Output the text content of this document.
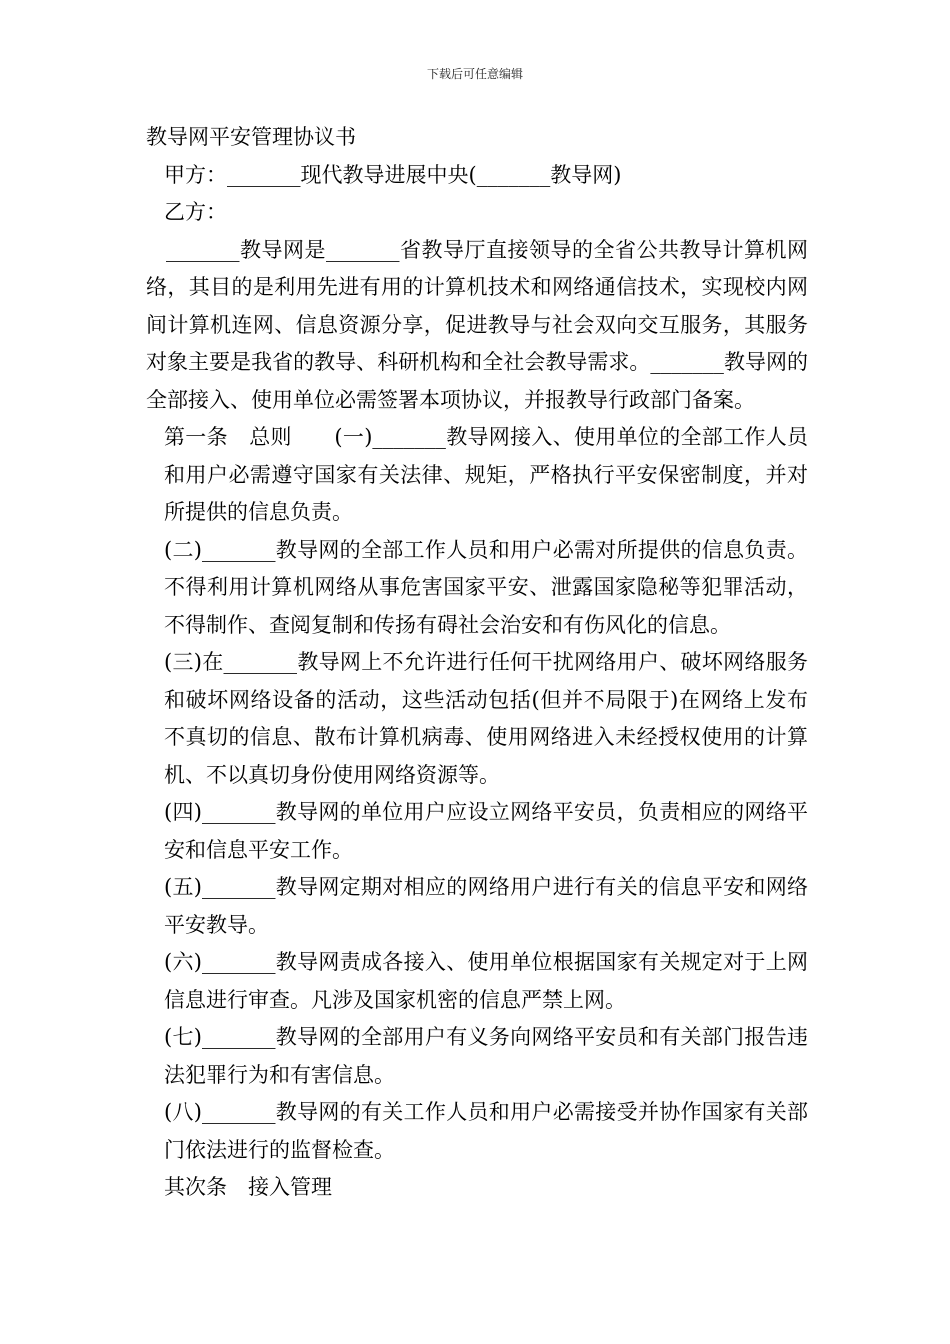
下载后可任意编辑
教导网平安管理协议书

甲方：_______现代教导进展中央(_______教导网)

乙方：

_______教导网是_______省教导厅直接领导的全省公共教导计算机网络，其目的是利用先进有用的计算机技术和网络通信技术，实现校内网间计算机连网、信息资源分享，促进教导与社会双向交互服务，其服务对象主要是我省的教导、科研机构和全社会教导需求。_______教导网的全部接入、使用单位必需签署本项协议，并报教导行政部门备案。

第一条　总则　　(一)_______教导网接入、使用单位的全部工作人员和用户必需遵守国家有关法律、规矩，严格执行平安保密制度，并对所提供的信息负责。

(二)_______教导网的全部工作人员和用户必需对所提供的信息负责。不得利用计算机网络从事危害国家平安、泄露国家隐秘等犯罪活动，不得制作、查阅复制和传扬有碍社会治安和有伤风化的信息。

(三)在_______教导网上不允许进行任何干扰网络用户、破坏网络服务和破坏网络设备的活动，这些活动包括(但并不局限于)在网络上发布不真切的信息、散布计算机病毒、使用网络进入未经授权使用的计算机、不以真切身份使用网络资源等。

(四)_______教导网的单位用户应设立网络平安员，负责相应的网络平安和信息平安工作。

(五)_______教导网定期对相应的网络用户进行有关的信息平安和网络平安教导。

(六)_______教导网责成各接入、使用单位根据国家有关规定对于上网信息进行审查。凡涉及国家机密的信息严禁上网。

(七)_______教导网的全部用户有义务向网络平安员和有关部门报告违法犯罪行为和有害信息。

(八)_______教导网的有关工作人员和用户必需接受并协作国家有关部门依法进行的监督检查。

其次条　接入管理
